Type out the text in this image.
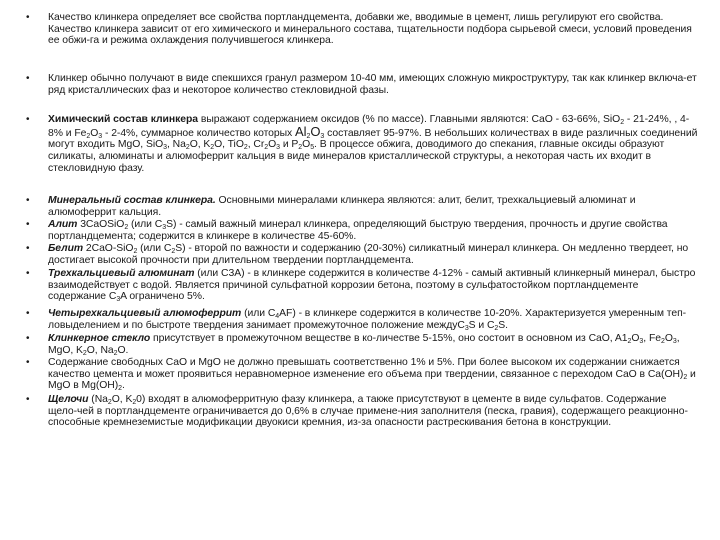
• Качество клинкера определяет все свойства портландцемента, добавки же, вводимые в цемент, лишь регулируют его свойства. Качество клинкера зависит от его химического и минерального состава, тщательности подбора сырьевой смеси, условий проведения ее обжи-га и режима охлаждения получившегося клинкера.
• Клинкер обычно получают в виде спекшихся гранул размером 10-40 мм, имеющих сложную микроструктуру, так как клинкер включа-ет ряд кристаллических фаз и некоторое количество стекловидной фазы.
• Химический состав клинкера выражают содержанием оксидов (% по массе). Главными являются: CaO - 63-66%, SiO$_2$ - 21-24%, , 4-8% и $Fe_2O_3 - 2-4\%$, суммарное количество которых $Al_2O_3$ составляет 95-97%. В небольших количествах в виде различных соединений могут входить MgO, SiO$_3$, $Na_2O$, $K_2O$, TiO$_2$, $Cr_2O_3$ и $P_2O_5$. В процессе обжига, доводимого до спекания, главные оксиды образуют силикаты, алюминаты и алюмоферрит кальция в виде минералов кристаллической структуры, а некоторая часть их входит в стекловидную фазу.
• Минеральный состав клинкера. Основными минералами клинкера являются: алит, белит, трехкальциевый алюминат и алюмоферрит кальция.
• Алит 3CaOSiO$_2$ (или $C_3S$) - самый важный минерал клинкера, определяющий быструю твердения, прочность и другие свойства портландцемента; содержится в клинкере в количестве 45-60%.
• Белит 2CaO-SiO$_2$ (или $C_2S$) - второй по важности и содержанию (20-30%) силикатный минерал клинкера. Он медленно твердеет, но достигает высокой прочности при длительном твердении портландцемента.
• Трехкальциевый алюминат (или C3A) - в клинкере содержится в количестве 4-12% - самый активный клинкерный минерал, быстро взаимодействует с водой. Является причиной сульфатной коррозии бетона, поэтому в сульфатостойком портландцементе содержание $C_3A$ ограничено 5%.
• Четырехкальциевый алюмоферрит (или $C_4AF$) - в клинкере содержится в количестве 10-20%. Характеризуется умеренным теп-ловыделением и по быстроте твердения занимает промежуточное положение междуC$_3$S и $C_2S$.
• Клинкерное стекло присутствует в промежуточном веществе в ко-личестве 5-15%, оно состоит в основном из CaO, $A1_2O_3$, $Fe_2O_3$, MgO, $K_2O$, $Na_2O$.
• Содержание свободных CaO и MgO не должно превышать соответственно 1% и 5%. При более высоком их содержании снижается качество цемента и может проявиться неравномерное изменение его объема при твердении, связанное с переходом CaO в $Ca(OH)_2$ и MgO в $Mg(OH)_2$.
• Щелочи ($Na_2O$, $K_20$) входят в алюмоферритную фазу клинкера, а также присутствуют в цементе в виде сульфатов. Содержание щело-чей в портландцементе ограничивается до 0,6% в случае примене-ния заполнителя (песка, гравия), содержащего реакционно-способные кремнеземистые модификации двуокиси кремния, из-за опасности растрескивания бетона в конструкции.
